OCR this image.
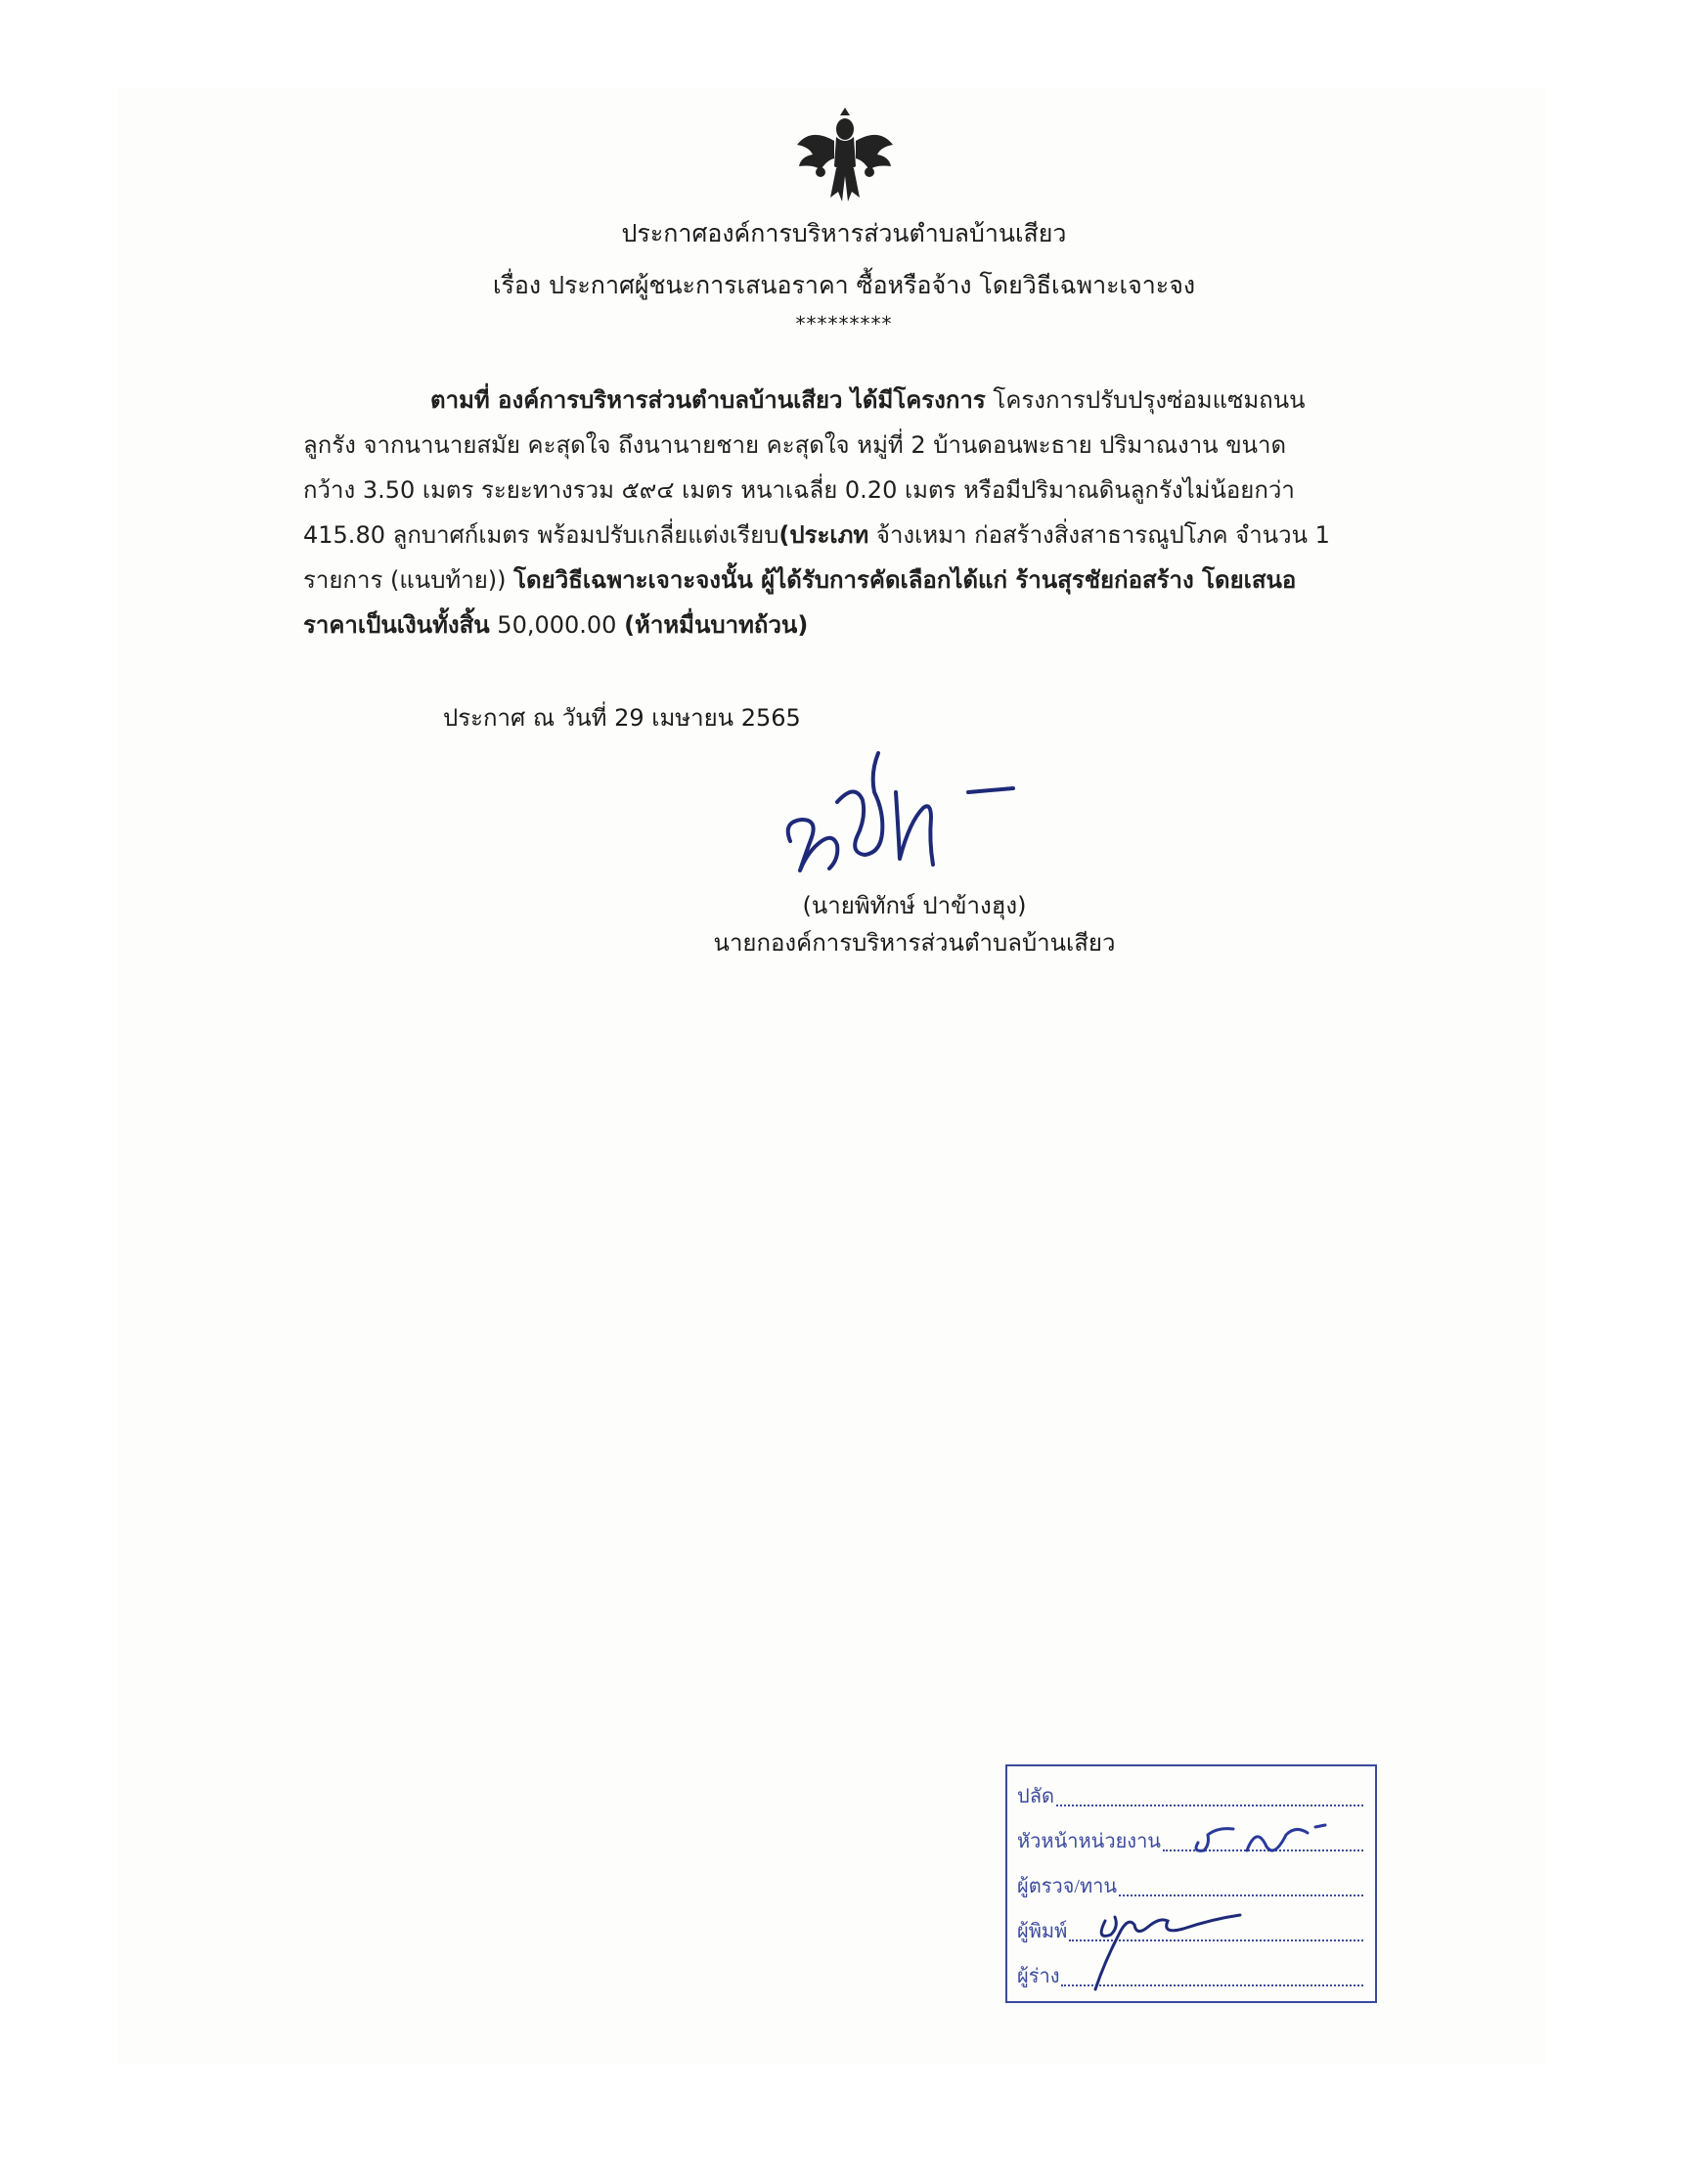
ประกาศองค์การบริหารส่วนตำบลบ้านเสียว
เรื่อง ประกาศผู้ชนะการเสนอราคา ซื้อหรือจ้าง โดยวิธีเฉพาะเจาะจง
*********
ตามที่ องค์การบริหารส่วนตำบลบ้านเสียว ได้มีโครงการ โครงการปรับปรุงซ่อมแซมถนน
ลูกรัง จากนานายสมัย คะสุดใจ ถึงนานายชาย คะสุดใจ หมู่ที่ 2 บ้านดอนพะธาย ปริมาณงาน ขนาด
กว้าง 3.50 เมตร ระยะทางรวม ๕๙๔ เมตร หนาเฉลี่ย 0.20 เมตร หรือมีปริมาณดินลูกรังไม่น้อยกว่า
415.80 ลูกบาศก์เมตร พร้อมปรับเกลี่ยแต่งเรียบ(ประเภท จ้างเหมา ก่อสร้างสิ่งสาธารณูปโภค จำนวน 1
รายการ (แนบท้าย)) โดยวิธีเฉพาะเจาะจงนั้น ผู้ได้รับการคัดเลือกได้แก่ ร้านสุรชัยก่อสร้าง โดยเสนอ
ราคาเป็นเงินทั้งสิ้น 50,000.00 (ห้าหมื่นบาทถ้วน)
ประกาศ ณ วันที่ 29 เมษายน 2565
(นายพิทักษ์ ปาข้างฮุง)
นายกองค์การบริหารส่วนตำบลบ้านเสียว
ปลัด
หัวหน้าหน่วยงาน
ผู้ตรวจ/ทาน
ผู้พิมพ์
ผู้ร่าง
